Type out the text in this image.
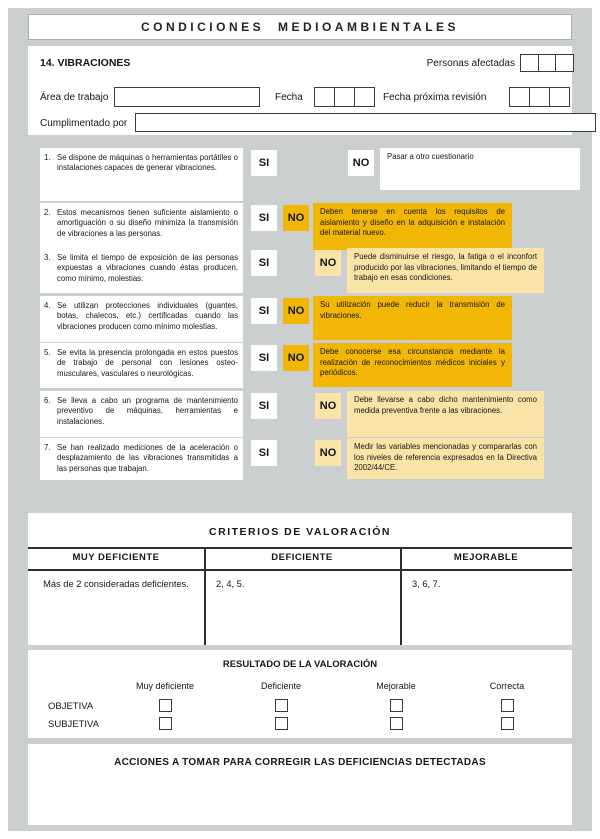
CONDICIONES MEDIOAMBIENTALES
14. VIBRACIONES	Personas afectadas
Área de trabajo	Fecha	Fecha próxima revisión
Cumplimentado por
1. Se dispone de máquinas o herramientas portátiles o instalaciones capaces de generar vibraciones.	SI	NO
Pasar a otro cuestionario
2. Estos mecanismos tienen suficiente aislamiento o amortiguación o su diseño minimiza la transmisión de vibraciones a las personas.
SI	NO
Deben tenerse en cuenta los requisitos de aislamiento y diseño en la adquisición e instalación del material nuevo.
3. Se limita el tiempo de exposición de las personas expuestas a vibraciones cuando éstas producen, como mínimo, molestias.
SI	NO
Puede disminuirse el riesgo, la fatiga o el inconfort producido por las vibraciones, limitando el tiempo de trabajo en esas condiciones.
4. Se utilizan protecciones individuales (guantes, botas, chalecos, etc.) certificadas cuando las vibraciones producen como mínimo molestias.
SI	NO
Su utilización puede reducir la transmisión de vibraciones.
5. Se evita la presencia prolongada en estos puestos de trabajo de personal con lesiones osteo-musculares, vasculares o neurológicas.
SI	NO
Debe conocerse esa circunstancia mediante la realización de reconocimientos médicos iniciales y periódicos.
6. Se lleva a cabo un programa de mantenimiento preventivo de máquinas, herramientas e instalaciones.
SI	NO
Debe llevarse a cabo dicho mantenimiento como medida preventiva frente a las vibraciones.
7. Se han realizado mediciones de la aceleración o desplazamiento de las vibraciones transmitidas a las personas que trabajan.
SI	NO
Medir las variables mencionadas y compararlas con los niveles de referencia expresados en la Directiva 2002/44/CE.
CRITERIOS DE VALORACIÓN
MUY DEFICIENTE	DEFICIENTE	MEJORABLE
Más de 2 consideradas deficientes.	2, 4, 5.	3, 6, 7.
RESULTADO DE LA VALORACIÓN
Muy deficiente	Deficiente	Mejorable	Correcta
OBJETIVA
SUBJETIVA
ACCIONES A TOMAR PARA CORREGIR LAS DEFICIENCIAS DETECTADAS
